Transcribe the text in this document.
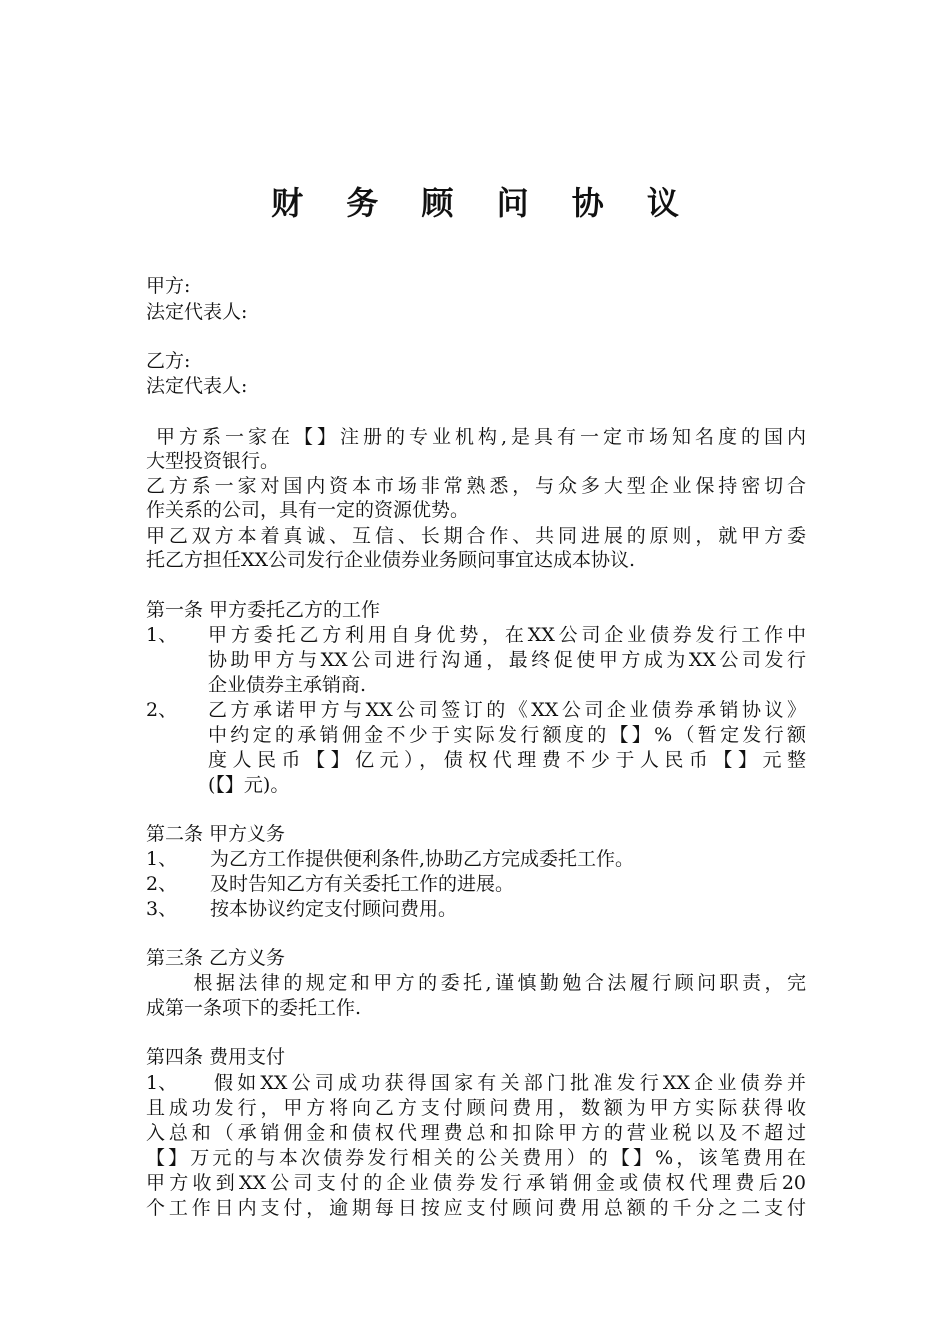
财 务 顾 问 协 议
甲方:
法定代表人:
乙方:
法定代表人:
甲方系一家在【】注册的专业机构,是具有一定市场知名度的国内
大型投资银行。
乙方系一家对国内资本市场非常熟悉，与众多大型企业保持密切合
作关系的公司，具有一定的资源优势。
甲乙双方本着真诚、互信、长期合作、共同进展的原则，就甲方委
托乙方担任XX公司发行企业债券业务顾问事宜达成本协议.
第一条 甲方委托乙方的工作
1、 甲方委托乙方利用自身优势，在XX公司企业债券发行工作中
协助甲方与XX公司进行沟通，最终促使甲方成为XX公司发行
企业债券主承销商.
2、 乙方承诺甲方与XX公司签订的《XX公司企业债券承销协议》
中约定的承销佣金不少于实际发行额度的【】%（暂定发行额
度人民币【】亿元），债权代理费不少于人民币【】元整
(【】元)。
第二条 甲方义务
1、 为乙方工作提供便利条件,协助乙方完成委托工作。
2、 及时告知乙方有关委托工作的进展。
3、 按本协议约定支付顾问费用。
第三条 乙方义务
根据法律的规定和甲方的委托,谨慎勤勉合法履行顾问职责，完
成第一条项下的委托工作.
第四条 费用支付
1、 假如XX公司成功获得国家有关部门批准发行XX企业债券并
且成功发行，甲方将向乙方支付顾问费用，数额为甲方实际获得收
入总和（承销佣金和债权代理费总和扣除甲方的营业税以及不超过
【】万元的与本次债券发行相关的公关费用）的【】%，该笔费用在
甲方收到XX公司支付的企业债券发行承销佣金或债权代理费后20
个工作日内支付，逾期每日按应支付顾问费用总额的千分之二支付
